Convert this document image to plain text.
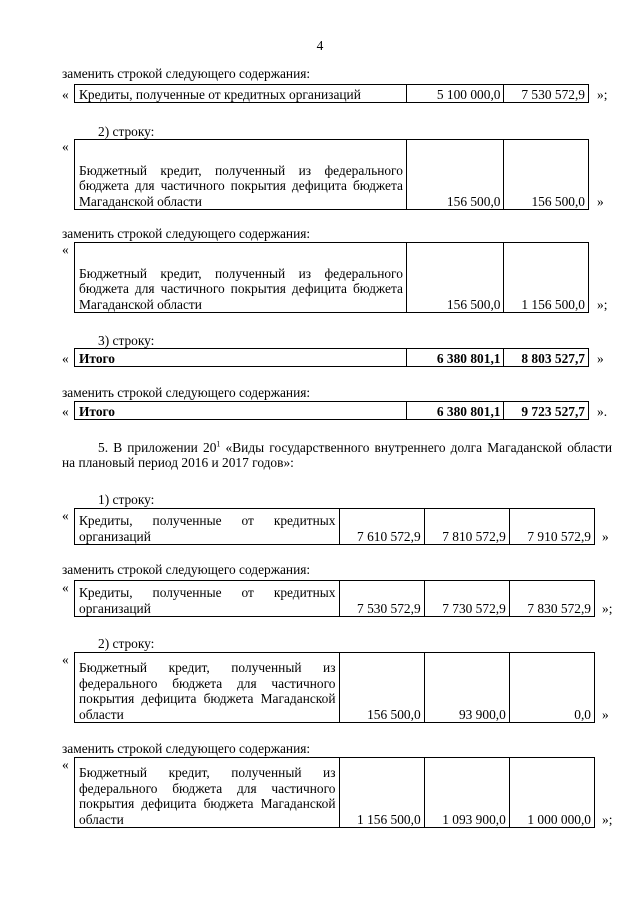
4
заменить строкой следующего содержания:
« Кредиты, полученные от кредитных организаций	5 100 000,0	7 530 572,9 »;
2) строку:
«
Бюджетный кредит, полученный из федерального бюджета для частичного покрытия дефицита бюджета Магаданской области	156 500,0	156 500,0 »
заменить строкой следующего содержания:
«
Бюджетный кредит, полученный из федерального бюджета для частичного покрытия дефицита бюджета Магаданской области	156 500,0	1 156 500,0 »;
3) строку:
« Итого	6 380 801,1	8 803 527,7 »
заменить строкой следующего содержания:
« Итого	6 380 801,1	9 723 527,7 ».
5. В приложении $20^1$ «Виды государственного внутреннего долга Магаданской области на плановый период 2016 и 2017 годов»:
1) строку:
« Кредиты, полученные от кредитных организаций	7 610 572,9	7 810 572,9	7 910 572,9 »
заменить строкой следующего содержания:
« Кредиты, полученные от кредитных организаций	7 530 572,9	7 730 572,9	7 830 572,9 »;
2) строку:
«
Бюджетный кредит, полученный из федерального бюджета для частичного покрытия дефицита бюджета Магаданской области	156 500,0	93 900,0	0,0 »
заменить строкой следующего содержания:
«
Бюджетный кредит, полученный из федерального бюджета для частичного покрытия дефицита бюджета Магаданской области	1 156 500,0	1 093 900,0	1 000 000,0 »;
